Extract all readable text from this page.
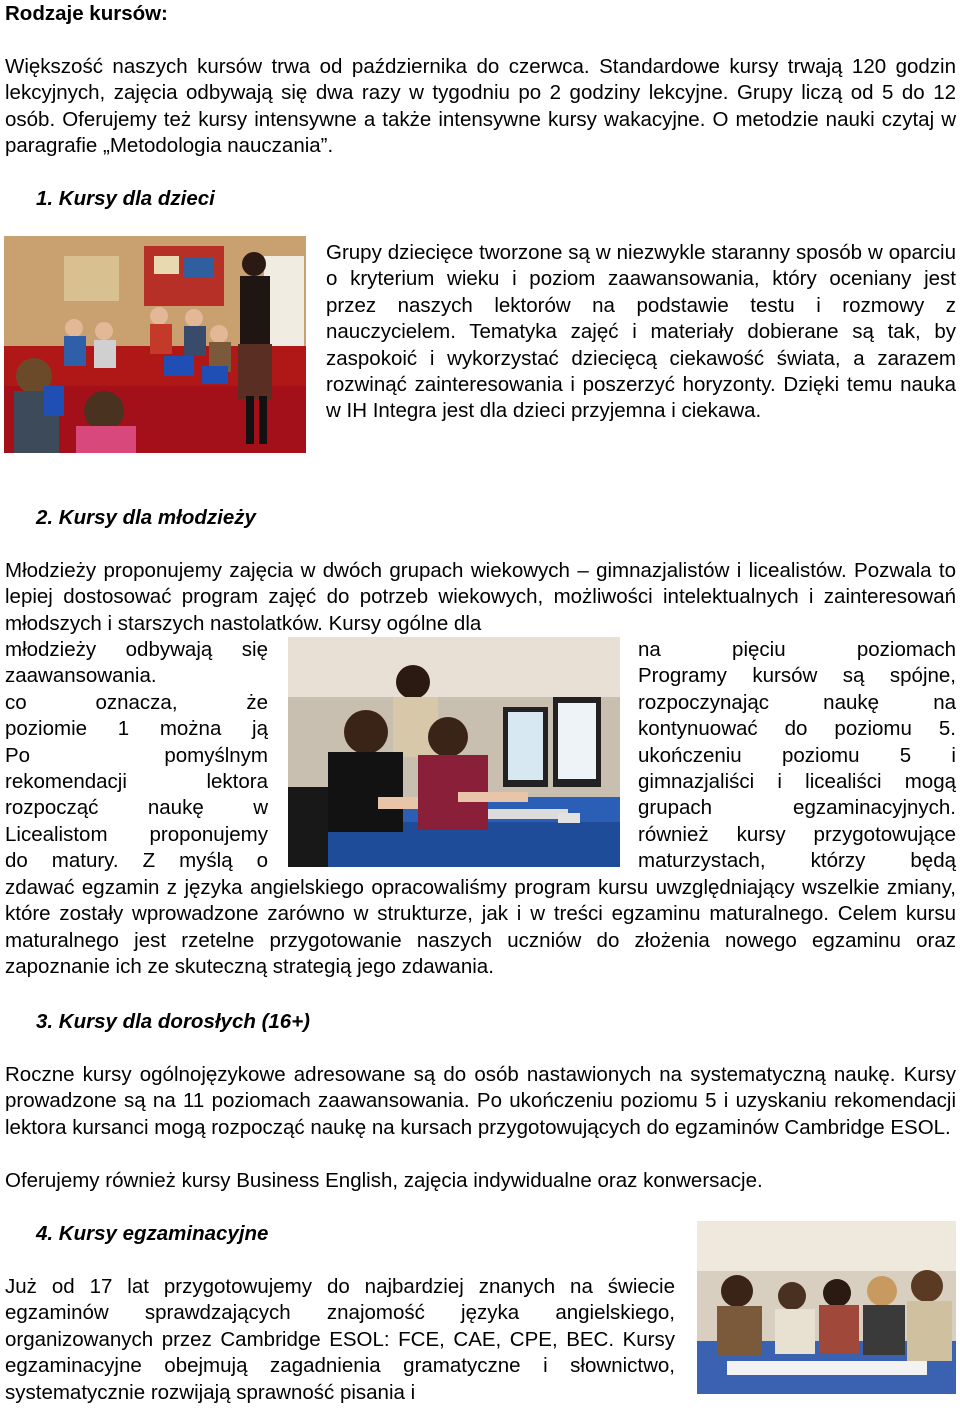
Rodzaje kursów:

Większość naszych kursów trwa od października do czerwca. Standardowe kursy trwają 120 godzin lekcyjnych, zajęcia odbywają się dwa razy w tygodniu po 2 godziny lekcyjne. Grupy liczą od 5 do 12 osób. Oferujemy też kursy intensywne a także intensywne kursy wakacyjne. O metodzie nauki czytaj w paragrafie „Metodologia nauczania”.

1. Kursy dla dzieci

Grupy dziecięce tworzone są w niezwykle staranny sposób w oparciu o kryterium wieku i poziom zaawansowania, który oceniany jest przez naszych lektorów na podstawie testu i rozmowy z nauczycielem. Tematyka zajęć i materiały dobierane są tak, by zaspokoić i wykorzystać dziecięcą ciekawość świata, a zarazem rozwinąć zainteresowania i poszerzyć horyzonty. Dzięki temu nauka w IH Integra jest dla dzieci przyjemna i ciekawa.

2. Kursy dla młodzieży

Młodzieży proponujemy zajęcia w dwóch grupach wiekowych – gimnazjalistów i licealistów. Pozwala to lepiej dostosować program zajęć do potrzeb wiekowych, możliwości intelektualnych i zainteresowań młodszych i starszych nastolatków. Kursy ogólne dla

młodzieży odbywają się

zaawansowania.

co oznacza, że

poziomie 1 można ją

Po pomyślnym

rekomendacji lektora

rozpocząć naukę w

Licealistom proponujemy

do matury. Z myślą o

na pięciu poziomach

Programy kursów są spójne,

rozpoczynając naukę na

kontynuować do poziomu 5.

ukończeniu poziomu 5 i

gimnazjaliści i licealiści mogą

grupach egzaminacyjnych.

również kursy przygotowujące

maturzystach, którzy będą

zdawać egzamin z języka angielskiego opracowaliśmy program kursu uwzględniający wszelkie zmiany, które zostały wprowadzone zarówno w strukturze, jak i w treści egzaminu maturalnego. Celem kursu maturalnego jest rzetelne przygotowanie naszych uczniów do złożenia nowego egzaminu oraz zapoznanie ich ze skuteczną strategią jego zdawania.

3. Kursy dla dorosłych (16+)

Roczne kursy ogólnojęzykowe adresowane są do osób nastawionych na systematyczną naukę. Kursy prowadzone są na 11 poziomach zaawansowania. Po ukończeniu poziomu 5 i uzyskaniu rekomendacji lektora kursanci mogą rozpocząć naukę na kursach przygotowujących do egzaminów Cambridge ESOL.

Oferujemy również kursy Business English, zajęcia indywidualne oraz konwersacje.

4. Kursy egzaminacyjne

Już od 17 lat przygotowujemy do najbardziej znanych na świecie egzaminów sprawdzających znajomość języka angielskiego, organizowanych przez Cambridge ESOL: FCE, CAE, CPE, BEC. Kursy egzaminacyjne obejmują zagadnienia gramatyczne i słownictwo, systematycznie rozwijają sprawność pisania i
